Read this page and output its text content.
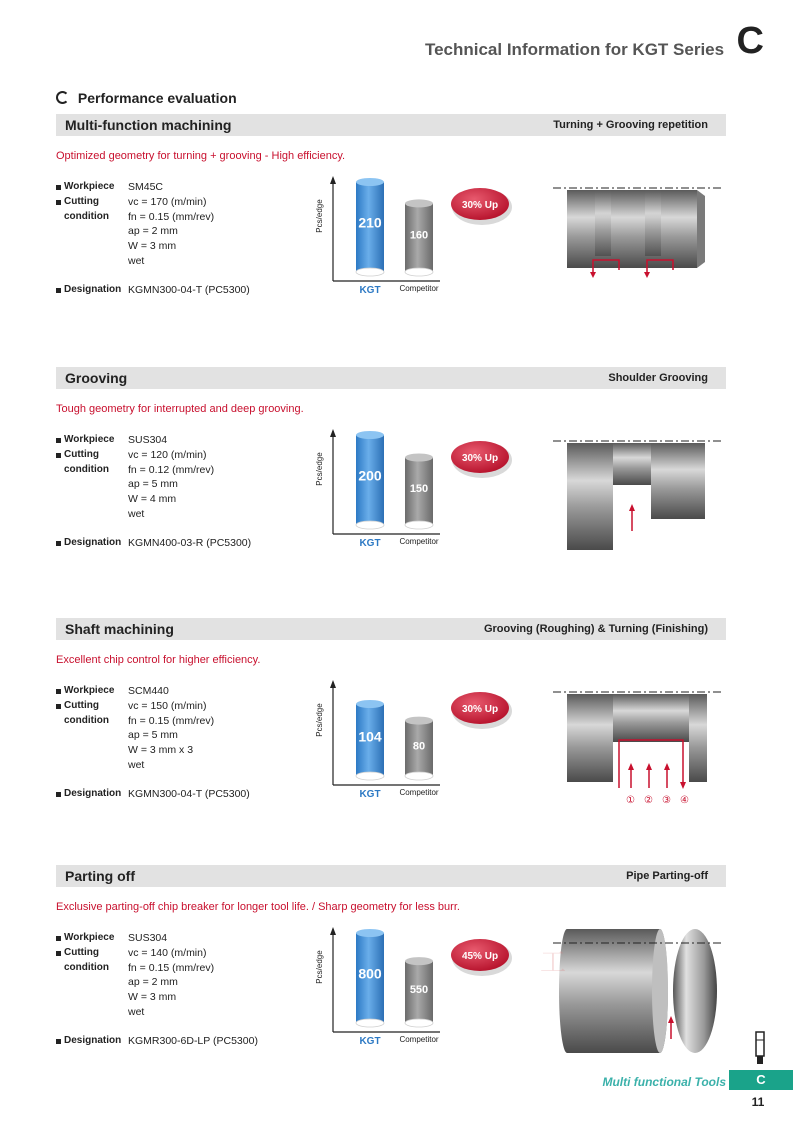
Technical Information for KGT Series C
Performance evaluation
Multi-function machining	Turning + Grooving repetition
Optimized geometry for turning + grooving - High efficiency.
Workpiece SM45C
Cutting
condition
vc = 170 (m/min)
fn = 0.15 (mm/rev)
ap = 2 mm
W = 3 mm
wet
Designation KGMN300-04-T (PC5300)
Pcs/edge 210
160
KGT Competitor
30% Up
Grooving	Shoulder Grooving
Tough geometry for interrupted and deep grooving.
Workpiece SUS304
Cutting
condition
vc = 120 (m/min)
fn = 0.12 (mm/rev)
ap = 5 mm
W = 4 mm
wet
Designation KGMN400-03-R (PC5300)
Pcs/edge 200
150
KGT Competitor
30% Up
Shaft machining	Grooving (Roughing) & Turning (Finishing)
Excellent chip control for higher efficiency.
Workpiece SCM440
Cutting
condition
vc = 150 (m/min)
fn = 0.15 (mm/rev)
ap = 5 mm
W = 3 mm x 3
wet
Designation KGMN300-04-T (PC5300)
Pcs/edge 104
80
KGT Competitor
30% Up
① ② ③ ④
Parting off	Pipe Parting-off
Exclusive parting-off chip breaker for longer tool life. / Sharp geometry for less burr.
Workpiece SUS304
Cutting
condition
vc = 140 (m/min)
fn = 0.15 (mm/rev)
ap = 2 mm
W = 3 mm
wet
Designation KGMR300-6D-LP (PC5300)
Pcs/edge 800
550
KGT Competitor
45% Up 工
Multi functional Tools	C
11
